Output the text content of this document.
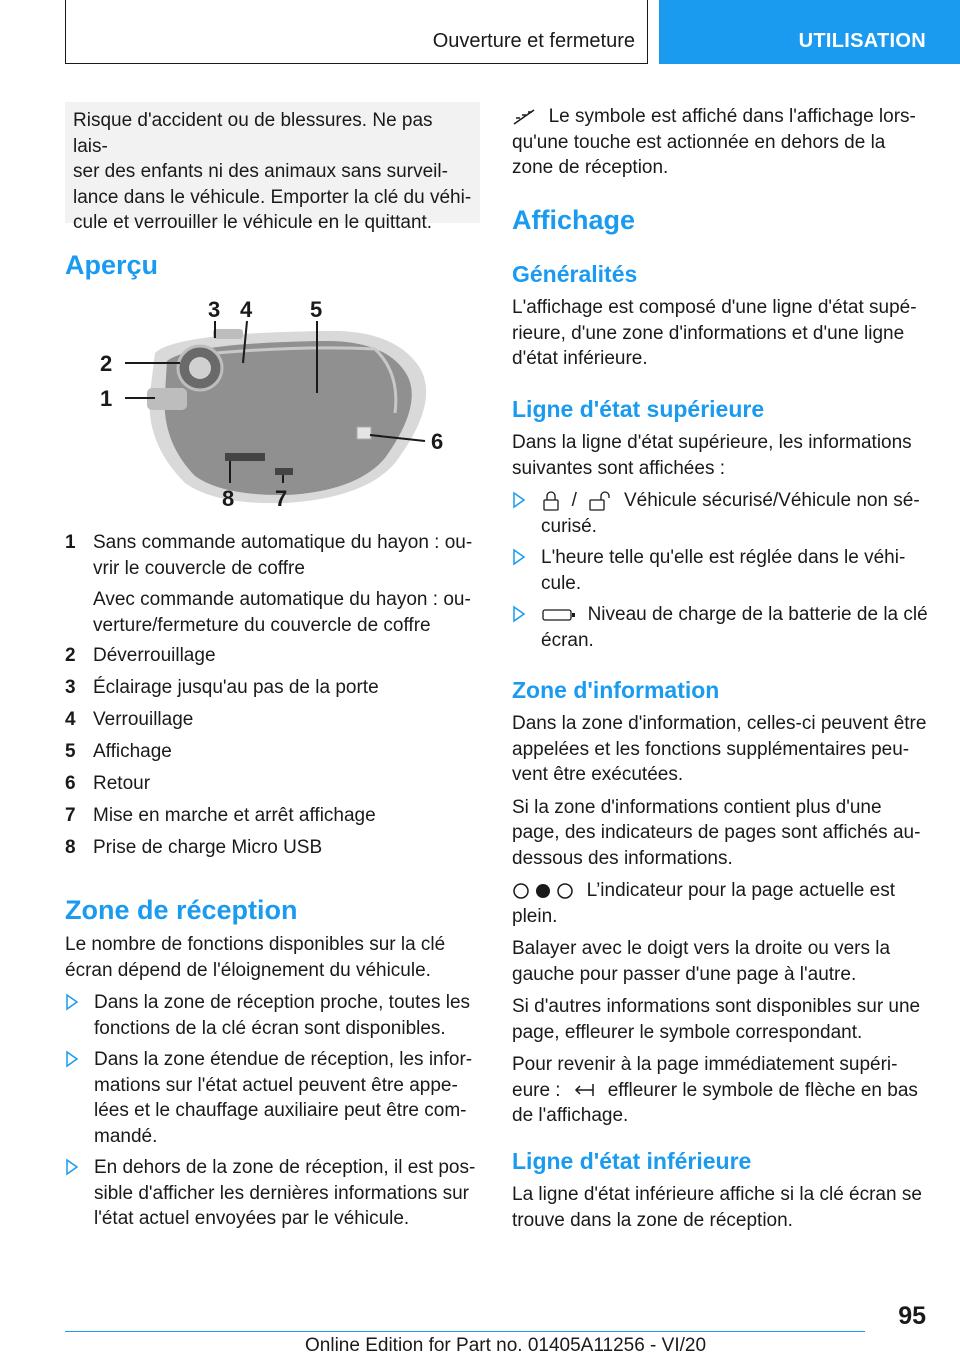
Ouverture et fermeture	UTILISATION

Risque d'accident ou de blessures. Ne pas lais-

ser des enfants ni des animaux sans surveil-

lance dans le véhicule. Emporter la clé du véhi-

cule et verrouiller le véhicule en le quittant.

Aperçu
1
2
3 4	5
6
7
8
1 Sans commande automatique du hayon : ou-

vrir le couvercle de coffre

Avec commande automatique du hayon : ou-

verture/fermeture du couvercle de coffre

2 Déverrouillage
3 Éclairage jusqu'au pas de la porte
4 Verrouillage
5 Affichage
6 Retour
7 Mise en marche et arrêt affichage
8 Prise de charge Micro USB
Zone de réception

Le nombre de fonctions disponibles sur la clé

écran dépend de l'éloignement du véhicule.

Dans la zone de réception proche, toutes les

fonctions de la clé écran sont disponibles.

Dans la zone étendue de réception, les infor-

mations sur l'état actuel peuvent être appe-

lées et le chauffage auxiliaire peut être com-

mandé.

En dehors de la zone de réception, il est pos-

sible d'afficher les dernières informations sur

l'état actuel envoyées par le véhicule.

Le symbole est affiché dans l'affichage lors-

qu'une touche est actionnée en dehors de la

zone de réception.

Affichage
Généralités

L'affichage est composé d'une ligne d'état supé-

rieure, d'une zone d'informations et d'une ligne

d'état inférieure.

Ligne d'état supérieure

Dans la ligne d'état supérieure, les informations

suivantes sont affichées :

/ Véhicule sécurisé/Véhicule non sé-

curisé.

L'heure telle qu'elle est réglée dans le véhi-

cule.

Niveau de charge de la batterie de la clé

écran.

Zone d'information

Dans la zone d'information, celles-ci peuvent être

appelées et les fonctions supplémentaires peu-

vent être exécutées.

Si la zone d'informations contient plus d'une

page, des indicateurs de pages sont affichés au-

dessous des informations.

L’indicateur pour la page actuelle est

plein.

Balayer avec le doigt vers la droite ou vers la

gauche pour passer d'une page à l'autre.

Si d'autres informations sont disponibles sur une

page, effleurer le symbole correspondant.

Pour revenir à la page immédiatement supéri-

eure : effleurer le symbole de flèche en bas

de l'affichage.

Ligne d'état inférieure

La ligne d'état inférieure affiche si la clé écran se

trouve dans la zone de réception.

95
Online Edition for Part no. 01405A11256 - VI/20
